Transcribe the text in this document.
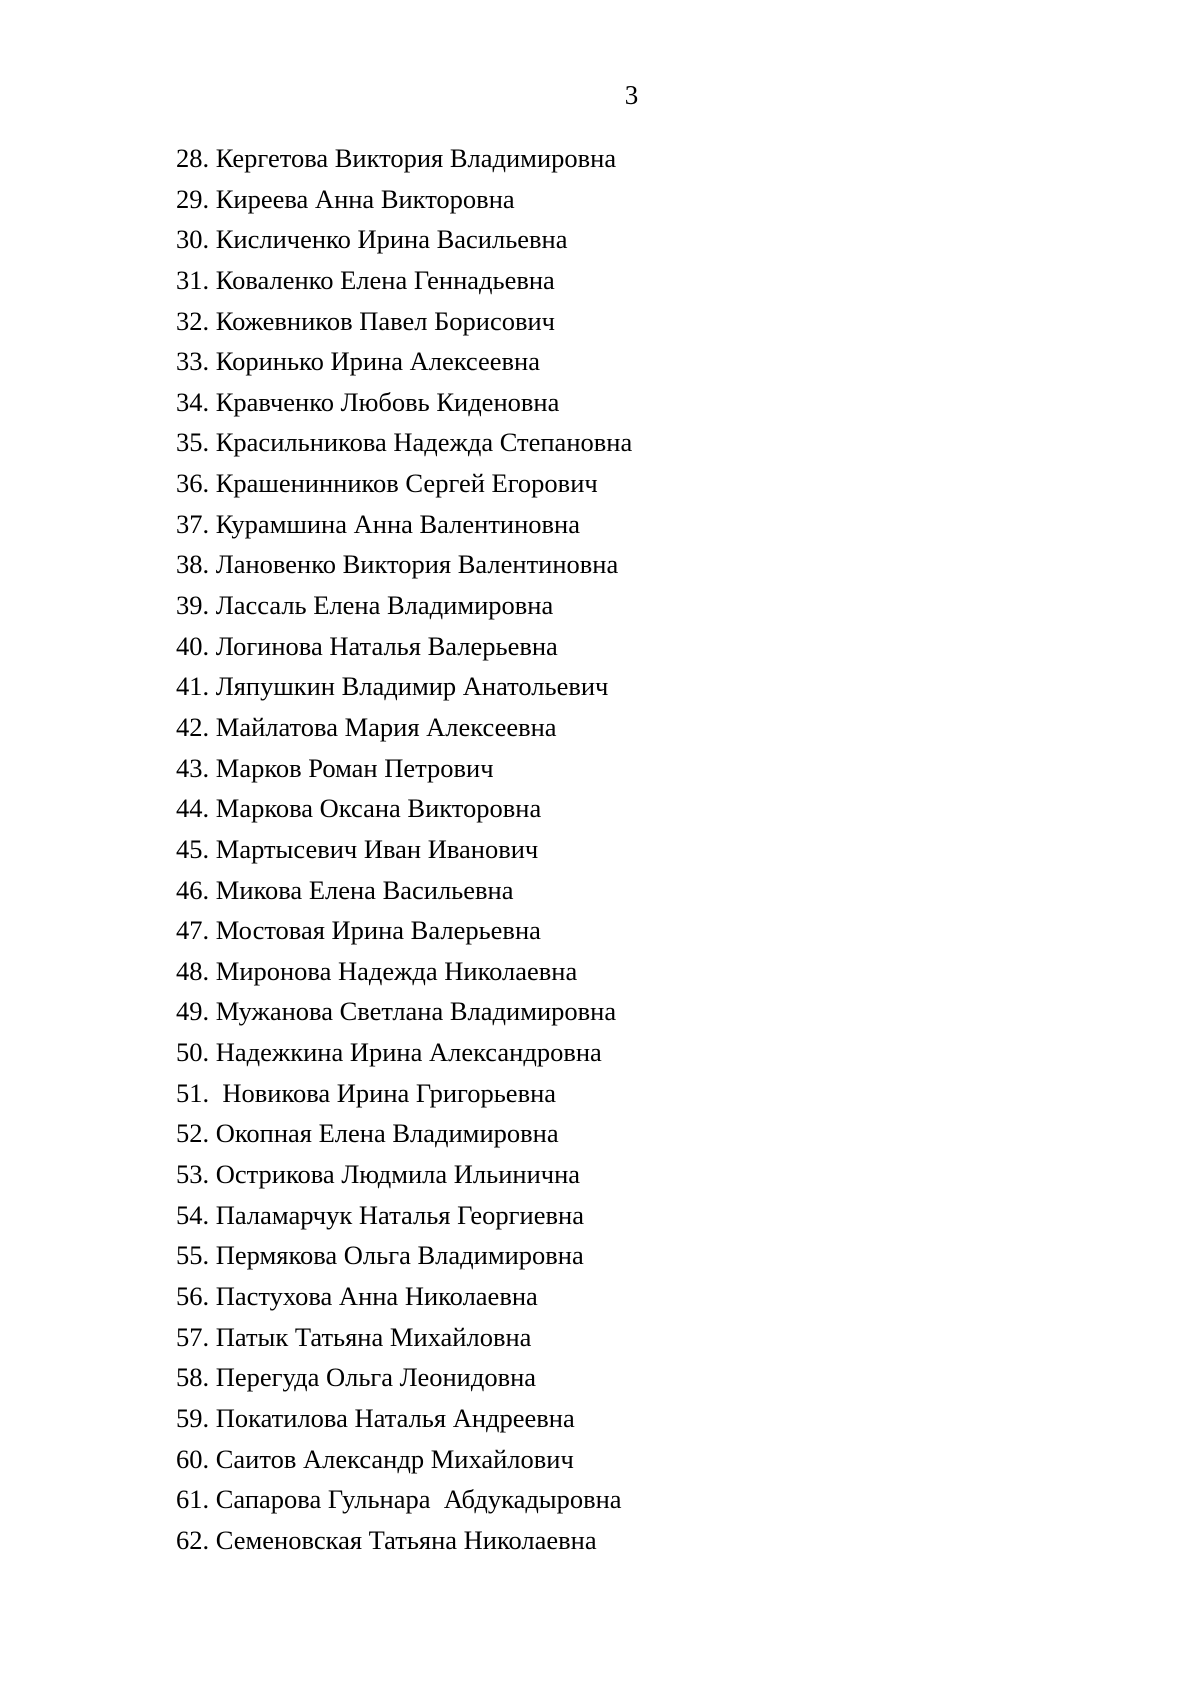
3
28. Кергетова Виктория Владимировна
29. Киреева Анна Викторовна
30. Кисличенко Ирина Васильевна
31. Коваленко Елена Геннадьевна
32. Кожевников Павел Борисович
33. Коринько Ирина Алексеевна
34. Кравченко Любовь Киденовна
35. Красильникова Надежда Степановна
36. Крашенинников Сергей Егорович
37. Курамшина Анна Валентиновна
38. Лановенко Виктория Валентиновна
39. Лассаль Елена Владимировна
40. Логинова Наталья Валерьевна
41. Ляпушкин Владимир Анатольевич
42. Майлатова Мария Алексеевна
43. Марков Роман Петрович
44. Маркова Оксана Викторовна
45. Мартысевич Иван Иванович
46. Микова Елена Васильевна
47. Мостовая Ирина Валерьевна
48. Миронова Надежда Николаевна
49. Мужанова Светлана Владимировна
50. Надежкина Ирина Александровна
51.  Новикова Ирина Григорьевна
52. Окопная Елена Владимировна
53. Острикова Людмила Ильинична
54. Паламарчук Наталья Георгиевна
55. Пермякова Ольга Владимировна
56. Пастухова Анна Николаевна
57. Патык Татьяна Михайловна
58. Перегуда Ольга Леонидовна
59. Покатилова Наталья Андреевна
60. Саитов Александр Михайлович
61. Сапарова Гульнара  Абдукадыровна
62. Семеновская Татьяна Николаевна
